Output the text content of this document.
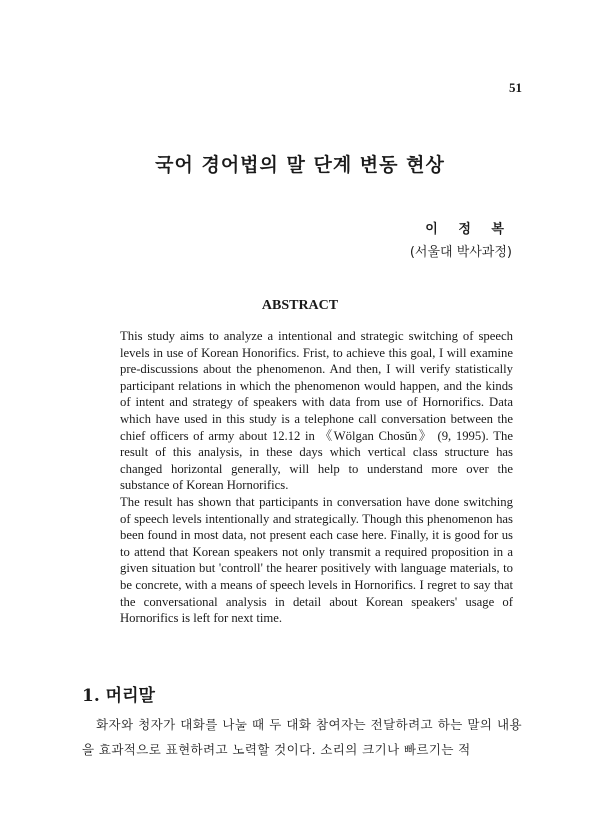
51
국어 경어법의 말 단계 변동 현상
이 정 복
(서울대 박사과정)
ABSTRACT

This study aims to analyze a intentional and strategic switching of speech levels in use of Korean Honorifics. Frist, to achieve this goal, I will examine pre-discussions about the phenomenon. And then, I will verify statistically participant relations in which the phenomenon would happen, and the kinds of intent and strategy of speakers with data from use of Hornorifics. Data which have used in this study is a telephone call conversation between the chief officers of army about 12.12 in 《Wölgan Chosŭn》 (9, 1995). The result of this analysis, in these days which vertical class structure has changed horizontal generally, will help to understand more over the substance of Korean Hornorifics.

The result has shown that participants in conversation have done switching of speech levels intentionally and strategically. Though this phenomenon has been found in most data, not present each case here. Finally, it is good for us to attend that Korean speakers not only transmit a required proposition in a given situation but 'controll' the hearer positively with language materials, to be concrete, with a means of speech levels in Hornorifics. I regret to say that the conversational analysis in detail about Korean speakers' usage of Hornorifics is left for next time.

1. 머리말

화자와 청자가 대화를 나눌 때 두 대화 참여자는 전달하려고 하는 말의 내용을 효과적으로 표현하려고 노력할 것이다. 소리의 크기나 빠르기는 적
